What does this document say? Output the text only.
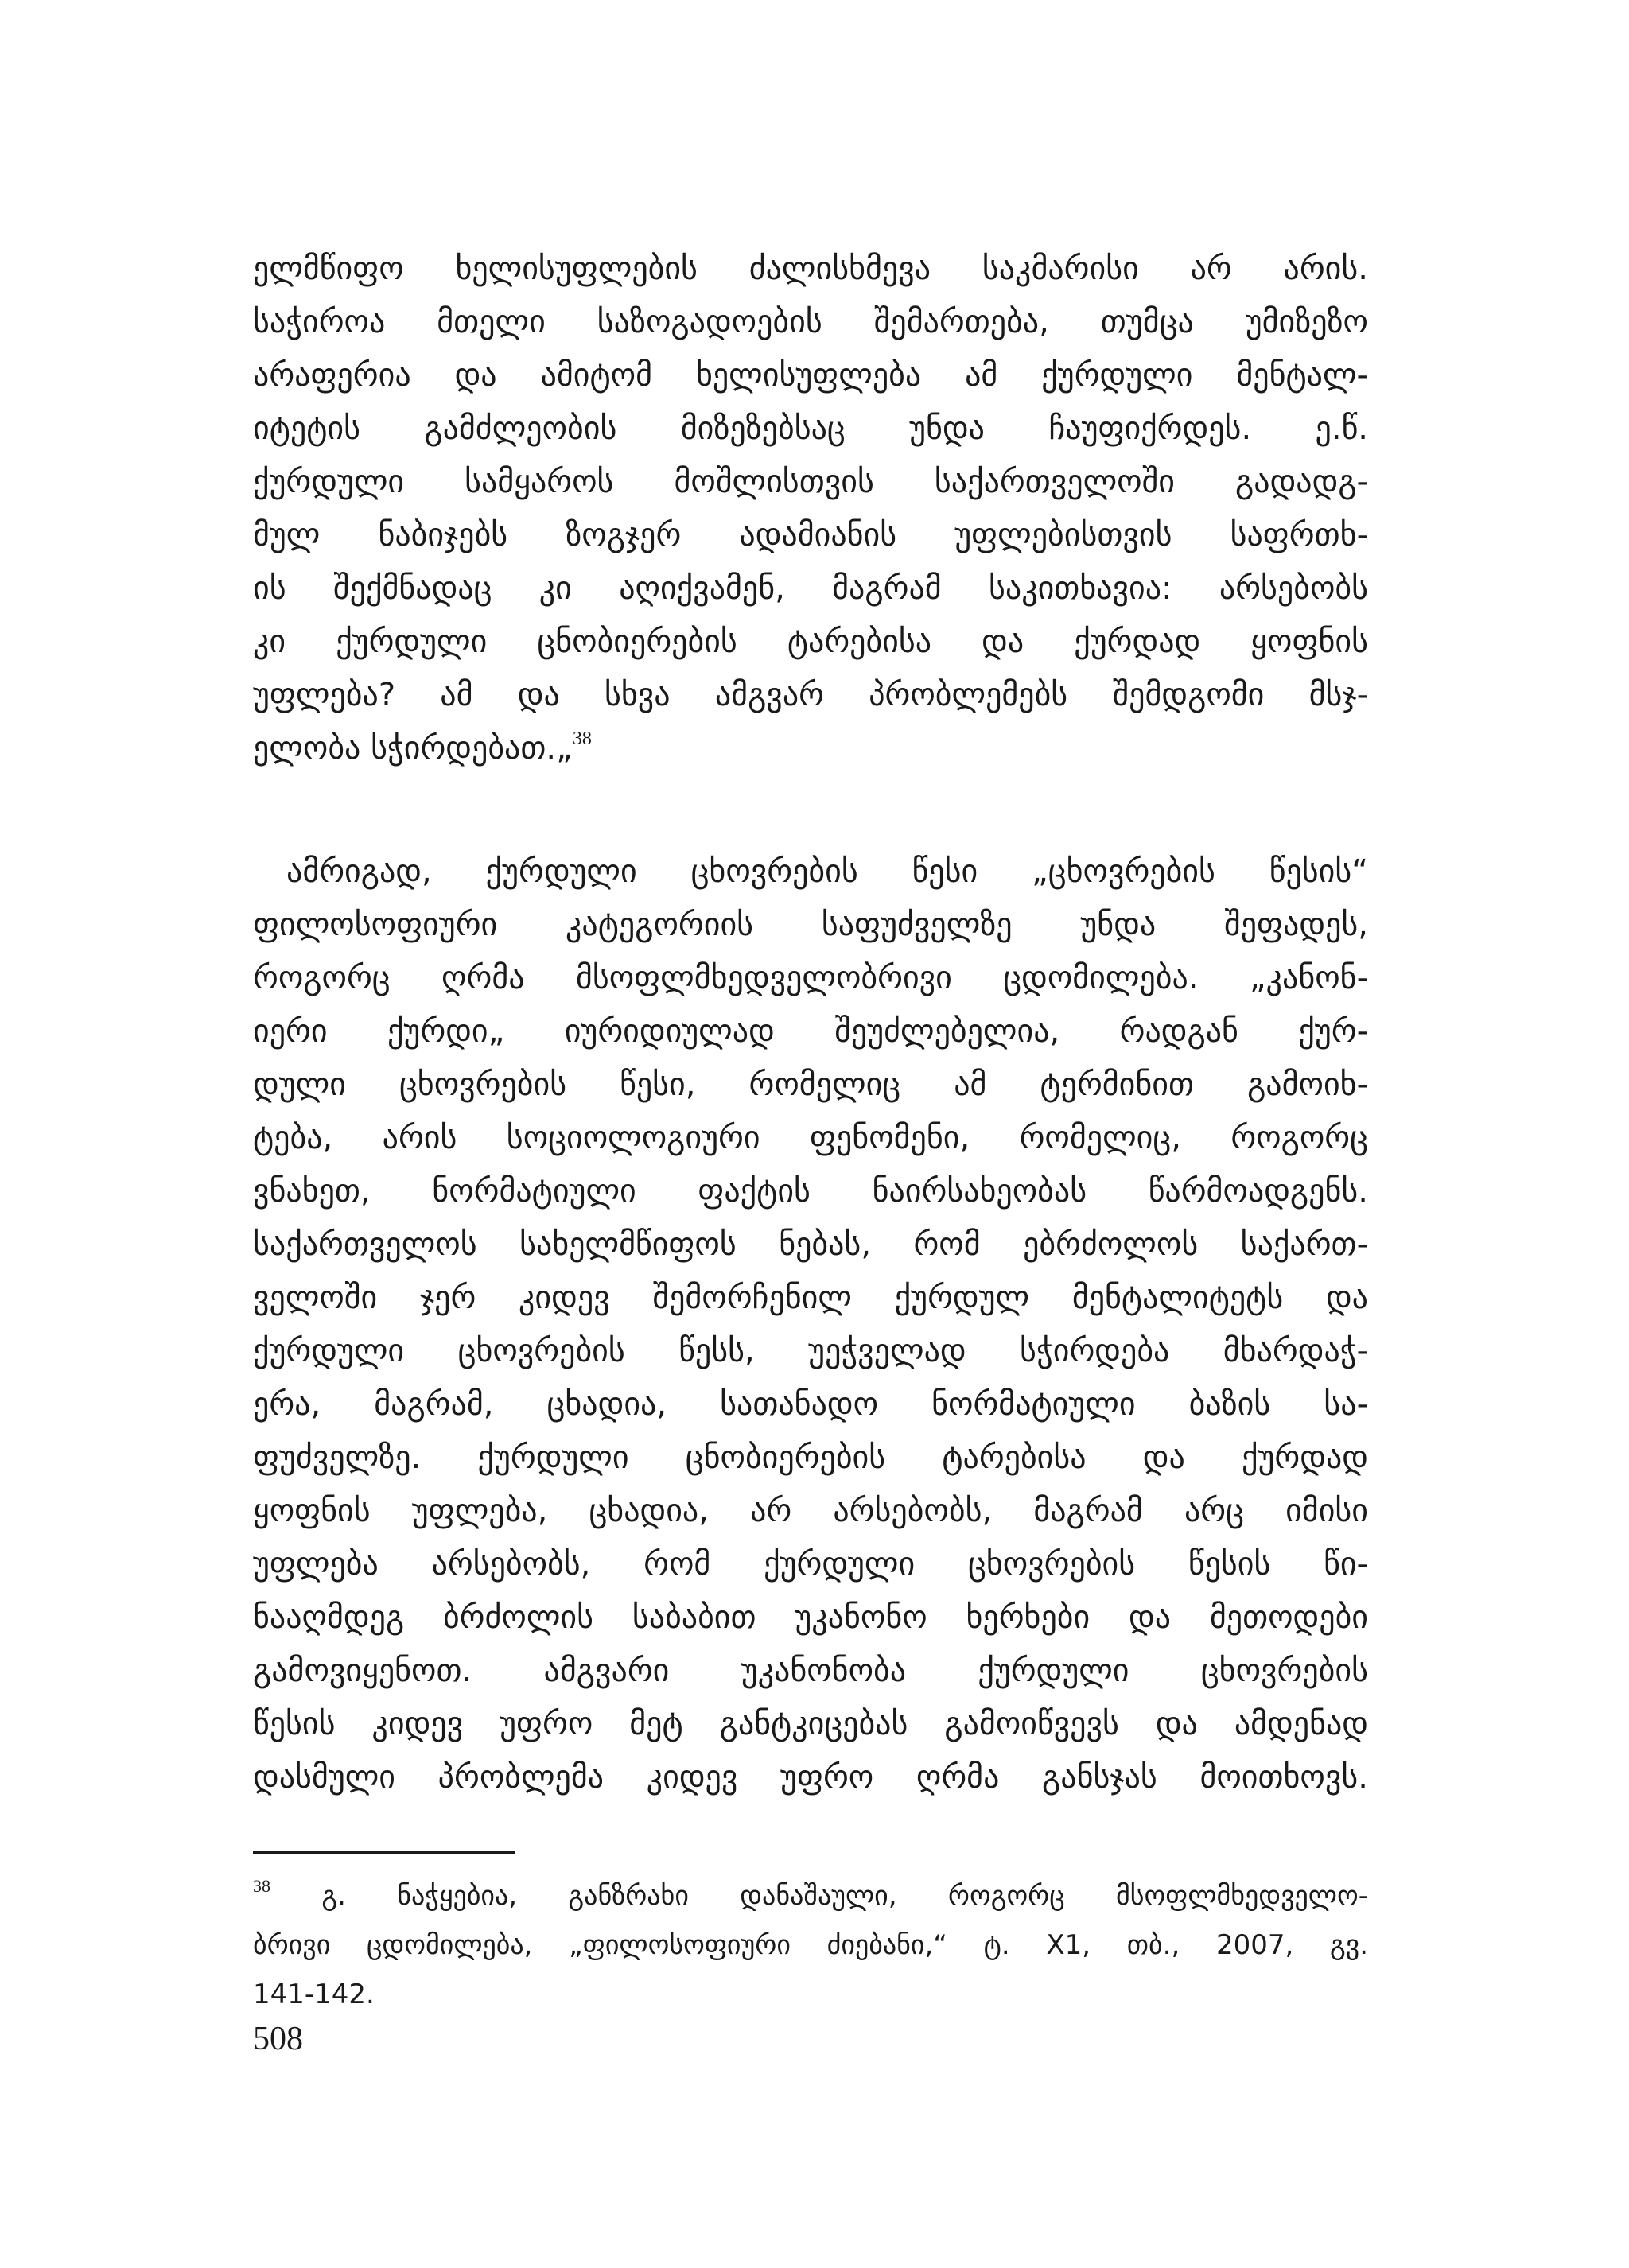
ელმწიფო ხელისუფლების ძალისხმევა საკმარისი არ არის.
საჭიროა მთელი საზოგადოების შემართება, თუმცა უმიზეზო
არაფერია და ამიტომ ხელისუფლება ამ ქურდული მენტალ-
იტეტის გამძლეობის მიზეზებსაც უნდა ჩაუფიქრდეს. ე.წ.
ქურდული სამყაროს მოშლისთვის საქართველოში გადადგ-
მულ ნაბიჯებს ზოგჯერ ადამიანის უფლებისთვის საფრთხ-
ის შექმნადაც კი აღიქვამენ, მაგრამ საკითხავია: არსებობს
კი ქურდული ცნობიერების ტარებისა და ქურდად ყოფნის
უფლება? ამ და სხვა ამგვარ პრობლემებს შემდგომი მსჯ-
ელობა სჭირდებათ.„$^{38}$

ამრიგად, ქურდული ცხოვრების წესი „ცხოვრების წესის“
ფილოსოფიური კატეგორიის საფუძველზე უნდა შეფადეს,
როგორც ღრმა მსოფლმხედველობრივი ცდომილება. „კანონ-
იერი ქურდი„ იურიდიულად შეუძლებელია, რადგან ქურ-
დული ცხოვრების წესი, რომელიც ამ ტერმინით გამოიხ-
ტება, არის სოციოლოგიური ფენომენი, რომელიც, როგორც
ვნახეთ, ნორმატიული ფაქტის ნაირსახეობას წარმოადგენს.
საქართველოს სახელმწიფოს ნებას, რომ ებრძოლოს საქართ-
ველოში ჯერ კიდევ შემორჩენილ ქურდულ მენტალიტეტს და
ქურდული ცხოვრების წესს, უეჭველად სჭირდება მხარდაჭ-
ერა, მაგრამ, ცხადია, სათანადო ნორმატიული ბაზის სა-
ფუძველზე. ქურდული ცნობიერების ტარებისა და ქურდად
ყოფნის უფლება, ცხადია, არ არსებობს, მაგრამ არც იმისი
უფლება არსებობს, რომ ქურდული ცხოვრების წესის წი-
ნააღმდეგ ბრძოლის საბაბით უკანონო ხერხები და მეთოდები
გამოვიყენოთ. ამგვარი უკანონობა ქურდული ცხოვრების
წესის კიდევ უფრო მეტ განტკიცებას გამოიწვევს და ამდენად
დასმული პრობლემა კიდევ უფრო ღრმა განსჯას მოითხოვს.

$^{38}$ გ. ნაჭყებია, განზრახი დანაშაული, როგორც მსოფლმხედველო-
ბრივი ცდომილება, „ფილოსოფიური ძიებანი,“ ტ. X1, თბ., 2007, გვ.
141-142.

508
